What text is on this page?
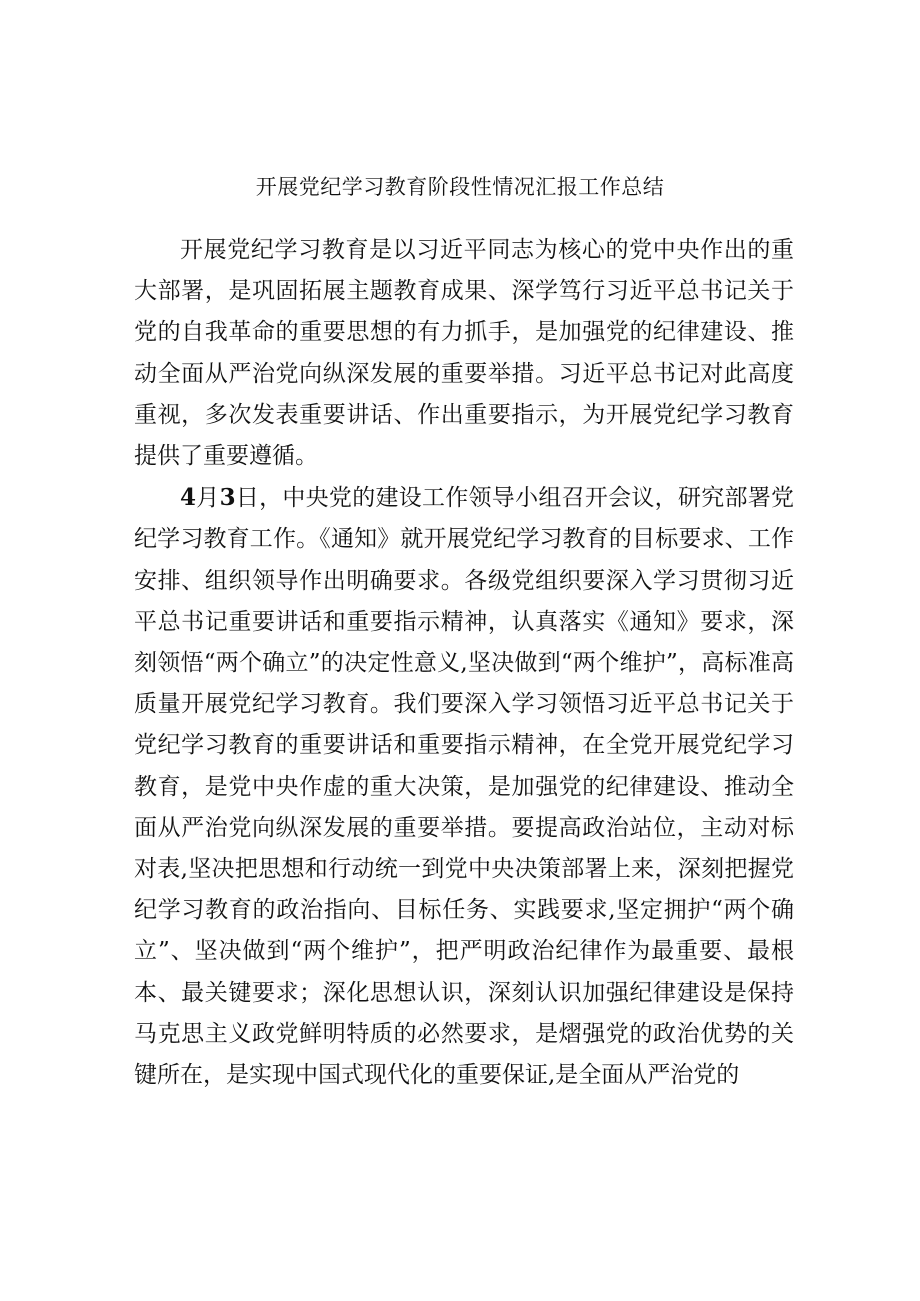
开展党纪学习教育阶段性情况汇报工作总结

开展党纪学习教育是以习近平同志为核心的党中央作出的重大部署，是巩固拓展主题教育成果、深学笃行习近平总书记关于党的自我革命的重要思想的有力抓手，是加强党的纪律建设、推动全面从严治党向纵深发展的重要举措。习近平总书记对此高度重视，多次发表重要讲话、作出重要指示，为开展党纪学习教育提供了重要遵循。

4月3日，中央党的建设工作领导小组召开会议，研究部署党纪学习教育工作。《通知》就开展党纪学习教育的目标要求、工作安排、组织领导作出明确要求。各级党组织要深入学习贯彻习近平总书记重要讲话和重要指示精神，认真落实《通知》要求，深刻领悟“两个确立”的决定性意义,坚决做到“两个维护”，高标准高质量开展党纪学习教育。我们要深入学习领悟习近平总书记关于党纪学习教育的重要讲话和重要指示精神，在全党开展党纪学习教育，是党中央作虚的重大决策，是加强党的纪律建设、推动全面从严治党向纵深发展的重要举措。要提高政治站位，主动对标对表,坚决把思想和行动统一到党中央决策部署上来，深刻把握党纪学习教育的政治指向、目标任务、实践要求,坚定拥护“两个确立”、坚决做到“两个维护”，把严明政治纪律作为最重要、最根本、最关键要求；深化思想认识，深刻认识加强纪律建设是保持马克思主义政党鲜明特质的必然要求，是熠强党的政治优势的关键所在，是实现中国式现代化的重要保证,是全面从严治党的
